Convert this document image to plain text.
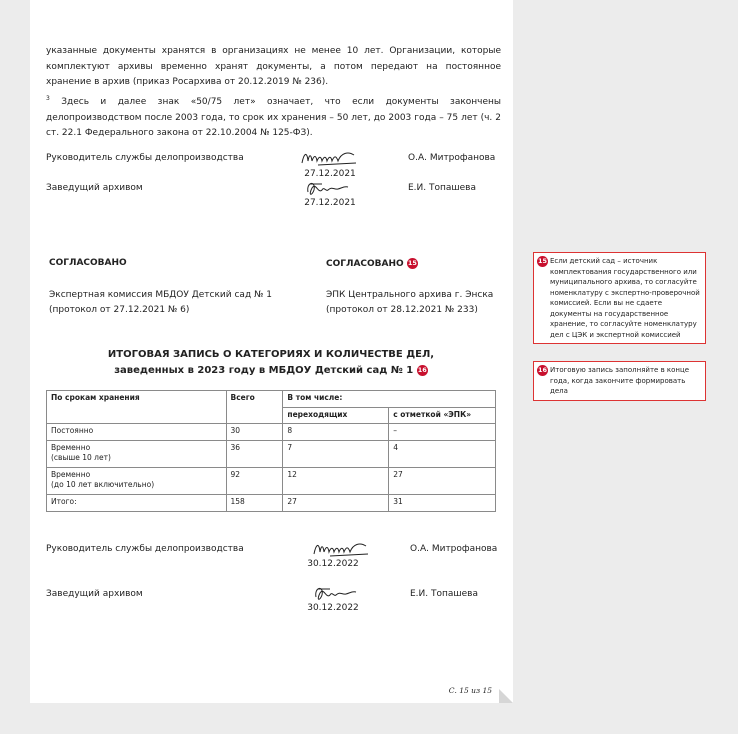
указанные документы хранятся в организациях не менее 10 лет. Организации, которые комплектуют архивы временно хранят документы, а потом передают на постоянное хранение в архив (приказ Росархива от 20.12.2019 № 236).
$^3$ Здесь и далее знак «50/75 лет» означает, что если документы закончены делопроизводством после 2003 года, то срок их хранения – 50 лет, до 2003 года – 75 лет (ч. 2 ст. 22.1 Федерального закона от 22.10.2004 № 125-ФЗ).
Руководитель службы делопроизводства
27.12.2021
О.А. Митрофанова
Заведущий архивом
27.12.2021
Е.И. Топашева
СОГЛАСОВАНО
Экспертная комиссия МБДОУ Детский сад № 1
(протокол от 27.12.2021 № 6)
СОГЛАСОВАНО 15
ЭПК Центрального архива г. Энска
(протокол от 28.12.2021 № 233)
ИТОГОВАЯ ЗАПИСЬ О КАТЕГОРИЯХ И КОЛИЧЕСТВЕ ДЕЛ,
заведенных в 2023 году в МБДОУ Детский сад № 1 16
По срокам хранения	Всего	В том числе:	
		переходящих	с отметкой «ЭПК»
Постоянно	30	8	–
Временно
(свыше 10 лет)	36	7	4
Временно
(до 10 лет включительно)	92	12	27
Итого:	158	27	31
Руководитель службы делопроизводства
30.12.2022
О.А. Митрофанова
Заведущий архивом
30.12.2022
Е.И. Топашева
С. 15 из 15
15 Если детский сад – источник комплектования государственного или муниципального архива, то согласуйте номенклатуру с экспертно-проверочной комиссией. Если вы не сдаете документы на государственное хранение, то согласуйте номенклатуру дел с ЦЭК и экспертной комиссией
16 Итоговую запись заполняйте в конце года, когда закончите формировать дела
